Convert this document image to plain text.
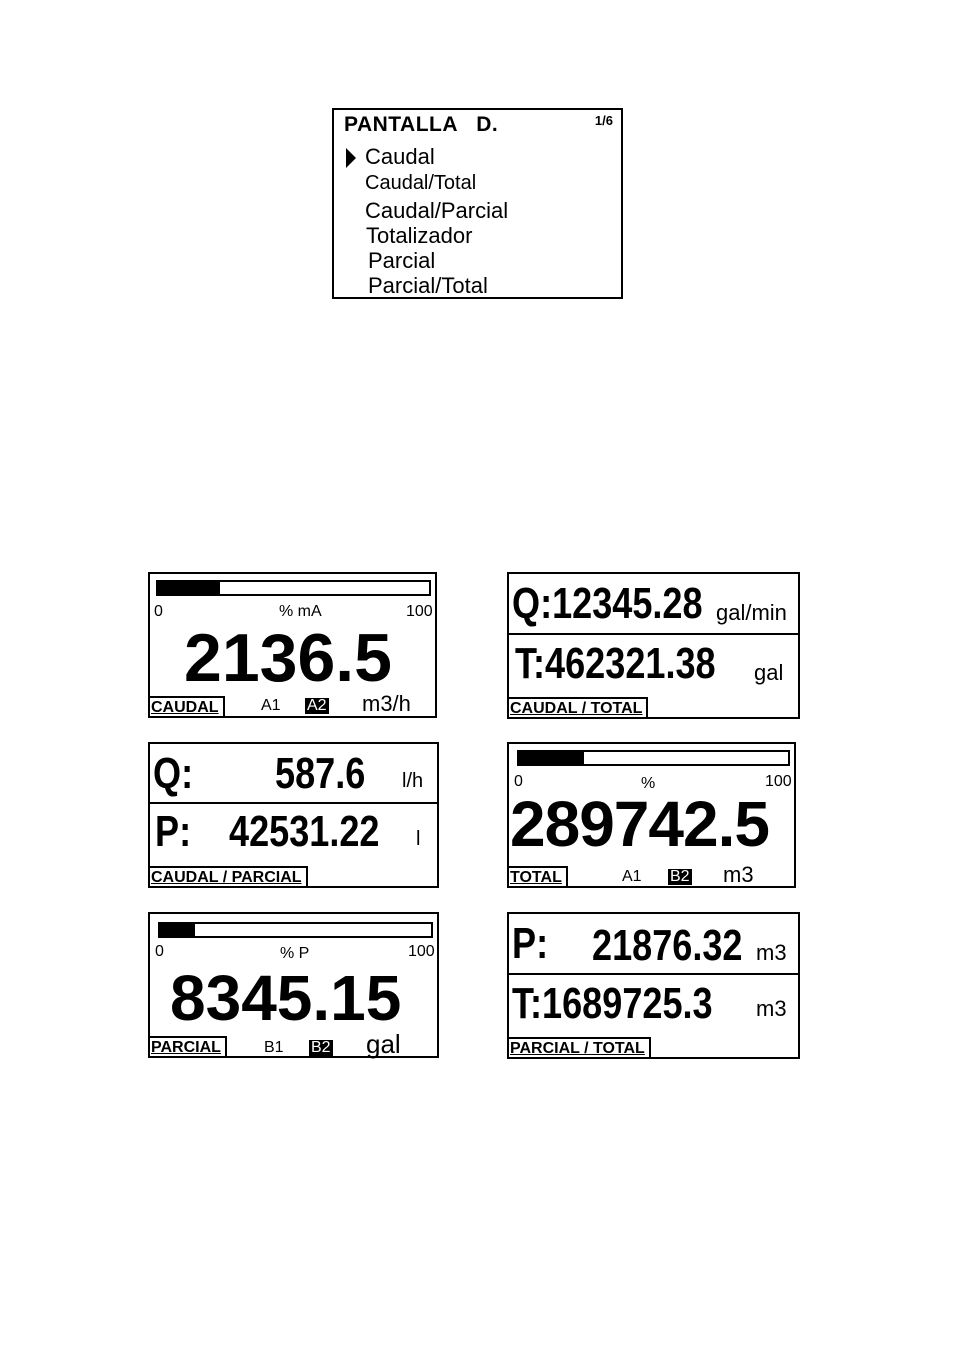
PANTALLA   D.	1/6
Caudal
Caudal/Total
Caudal/Parcial
Totalizador
Parcial
Parcial/Total
0	% mA	100
2136.5
CAUDAL	A1 A2 m3/h
Q:12345.28 gal/min
T:462321.38 gal
CAUDAL / TOTAL
Q: 587.6 l/h
P: 42531.22 l
CAUDAL / PARCIAL
0	%	100
289742.5
TOTAL	A1 B2 m3
0	% P	100
8345.15
PARCIAL	B1 B2 gal
P: 21876.32 m3
T:1689725.3 m3
PARCIAL / TOTAL
